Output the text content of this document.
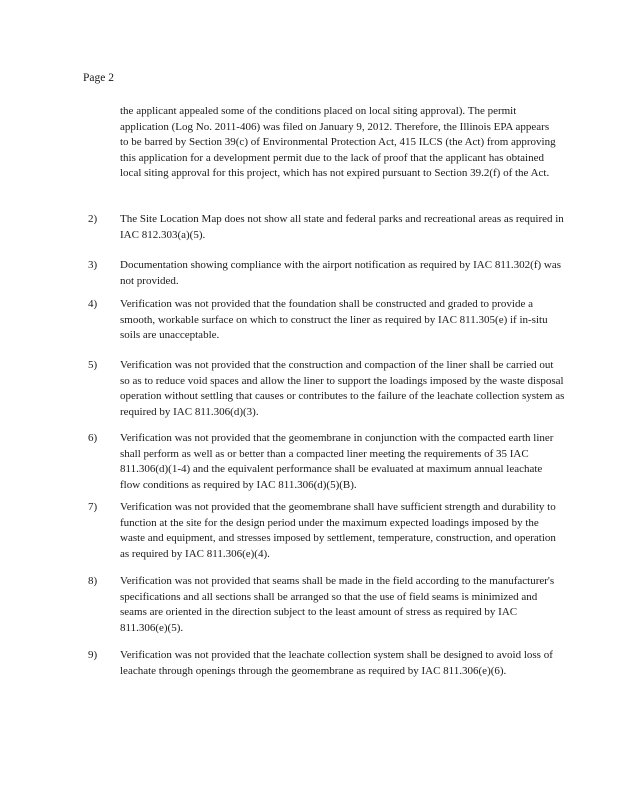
Page 2

the applicant appealed some of the conditions placed on local siting approval). The permit application (Log No. 2011-406) was filed on January 9, 2012. Therefore, the Illinois EPA appears to be barred by Section 39(c) of Environmental Protection Act, 415 ILCS (the Act) from approving this application for a development permit due to the lack of proof that the applicant has obtained local siting approval for this project, which has not expired pursuant to Section 39.2(f) of the Act.

2) The Site Location Map does not show all state and federal parks and recreational areas as required in IAC 812.303(a)(5).

3) Documentation showing compliance with the airport notification as required by IAC 811.302(f) was not provided.

4) Verification was not provided that the foundation shall be constructed and graded to provide a smooth, workable surface on which to construct the liner as required by IAC 811.305(e) if in-situ soils are unacceptable.

5) Verification was not provided that the construction and compaction of the liner shall be carried out so as to reduce void spaces and allow the liner to support the loadings imposed by the waste disposal operation without settling that causes or contributes to the failure of the leachate collection system as required by IAC 811.306(d)(3).

6) Verification was not provided that the geomembrane in conjunction with the compacted earth liner shall perform as well as or better than a compacted liner meeting the requirements of 35 IAC 811.306(d)(1-4) and the equivalent performance shall be evaluated at maximum annual leachate flow conditions as required by IAC 811.306(d)(5)(B).

7) Verification was not provided that the geomembrane shall have sufficient strength and durability to function at the site for the design period under the maximum expected loadings imposed by the waste and equipment, and stresses imposed by settlement, temperature, construction, and operation as required by IAC 811.306(e)(4).

8) Verification was not provided that seams shall be made in the field according to the manufacturer's specifications and all sections shall be arranged so that the use of field seams is minimized and seams are oriented in the direction subject to the least amount of stress as required by IAC 811.306(e)(5).

9) Verification was not provided that the leachate collection system shall be designed to avoid loss of leachate through openings through the geomembrane as required by IAC 811.306(e)(6).
